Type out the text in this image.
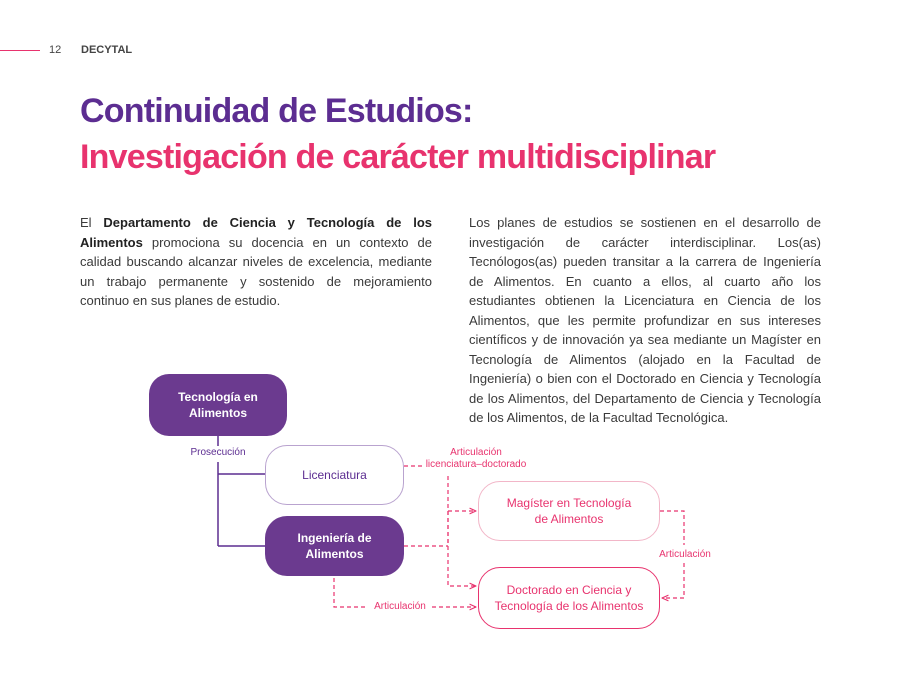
12 DECYTAL
Continuidad de Estudios:
Investigación de carácter multidisciplinar
El Departamento de Ciencia y Tecnología de los Alimentos promociona su docencia en un contexto de calidad buscando alcanzar niveles de excelencia, mediante un trabajo permanente y sostenido de mejoramiento continuo en sus planes de estudio.
Los planes de estudios se sostienen en el desarrollo de investigación de carácter interdisciplinar. Los(as) Tecnólogos(as) pueden transitar a la carrera de Ingeniería de Alimentos. En cuanto a ellos, al cuarto año los estudiantes obtienen la Licenciatura en Ciencia de los Alimentos, que les permite profundizar en sus intereses científicos y de innovación ya sea mediante un Magíster en Tecnología de Alimentos (alojado en la Facultad de Ingeniería) o bien con el Doctorado en Ciencia y Tecnología de los Alimentos, del Departamento de Ciencia y Tecnología de los Alimentos, de la Facultad Tecnológica.
Tecnología en Alimentos
Licenciatura
Ingeniería de Alimentos
Magíster en Tecnología de Alimentos
Doctorado en Ciencia y Tecnología de los Alimentos
Prosecución	Articulación
licenciatura–doctorado
Articulación
Articulación
